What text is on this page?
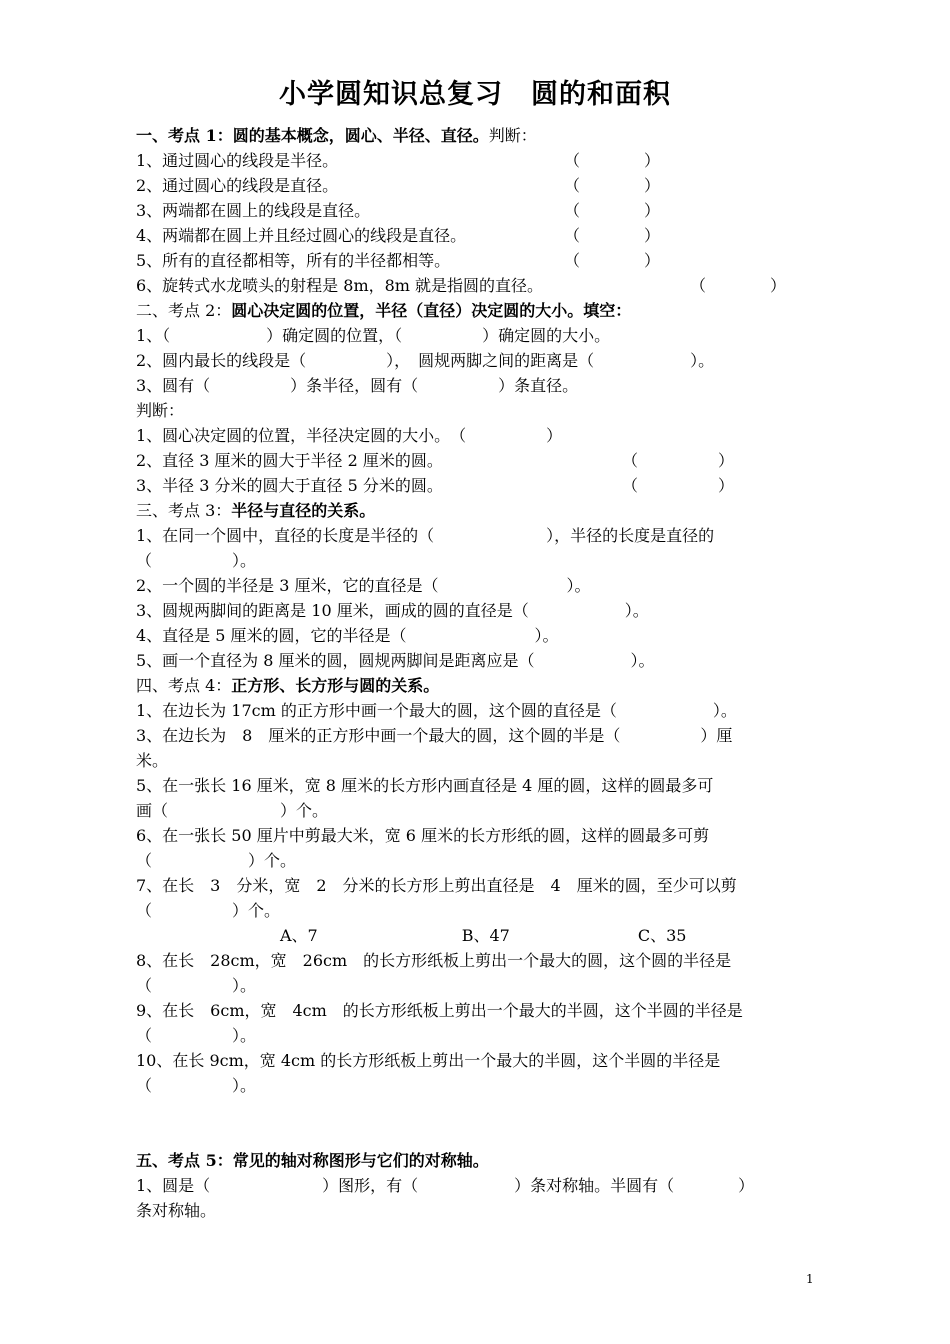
小学圆知识总复习　圆的和面积
一、考点 1：圆的基本概念，圆心、半径、直径。判断：
1、通过圆心的线段是半径。	（　　　　）
2、通过圆心的线段是直径。	（　　　　）
3、两端都在圆上的线段是直径。	（　　　　）
4、两端都在圆上并且经过圆心的线段是直径。	（　　　　）
5、所有的直径都相等，所有的半径都相等。	（　　　　）
6、旋转式水龙喷头的射程是 8m，8m 就是指圆的直径。	（　　　　）
二、考点 2：圆心决定圆的位置，半径（直径）决定圆的大小。填空：
1、（　　　　　　）确定圆的位置，（　　　　　）确定圆的大小。
2、圆内最长的线段是（　　　　　），　圆规两脚之间的距离是（　　　　　　）。
3、圆有（　　　　　）条半径，圆有（　　　　　）条直径。
判断：
1、圆心决定圆的位置，半径决定圆的大小。　（　　　　　）
2、直径 3 厘米的圆大于半径 2 厘米的圆。	（　　　　　）
3、半径 3 分米的圆大于直径 5 分米的圆。	（　　　　　）
三、考点 3：半径与直径的关系。
1、在同一个圆中，直径的长度是半径的（　　　　　　　），半径的长度是直径的
（　　　　　）。
2、一个圆的半径是 3 厘米，它的直径是（　　　　　　　　）。
3、圆规两脚间的距离是 10 厘米，画成的圆的直径是（　　　　　　）。
4、直径是 5 厘米的圆，它的半径是（　　　　　　　　）。
5、画一个直径为 8 厘米的圆，圆规两脚间是距离应是（　　　　　　）。
四、考点 4：正方形、长方形与圆的关系。
1、在边长为 17cm 的正方形中画一个最大的圆，这个圆的直径是（　　　　　　）。
3、在边长为　8　厘米的正方形中画一个最大的圆，这个圆的半是（　　　　　）厘
米。
5、在一张长 16 厘米，宽 8 厘米的长方形内画直径是 4 厘的圆，这样的圆最多可
画（　　　　　　　）个。
6、在一张长 50 厘片中剪最大米，宽 6 厘米的长方形纸的圆，这样的圆最多可剪
（　　　　　　）个。
7、在长　3　分米，宽　2　分米的长方形上剪出直径是　4　厘米的圆，至少可以剪
（　　　　　）个。
　　　　　　　　　A、7　　　　　　　　　B、47　　　　　　　　C、35
8、在长　28cm，宽　26cm　的长方形纸板上剪出一个最大的圆，这个圆的半径是
（　　　　　）。
9、在长　6cm，宽　4cm　的长方形纸板上剪出一个最大的半圆，这个半圆的半径是
（　　　　　）。
10、在长 9cm，宽 4cm 的长方形纸板上剪出一个最大的半圆，这个半圆的半径是
（　　　　　）。
五、考点 5：常见的轴对称图形与它们的对称轴。
1、圆是（　　　　　　　）图形，有（　　　　　　）条对称轴。半圆有（　　　　）
条对称轴。
1
